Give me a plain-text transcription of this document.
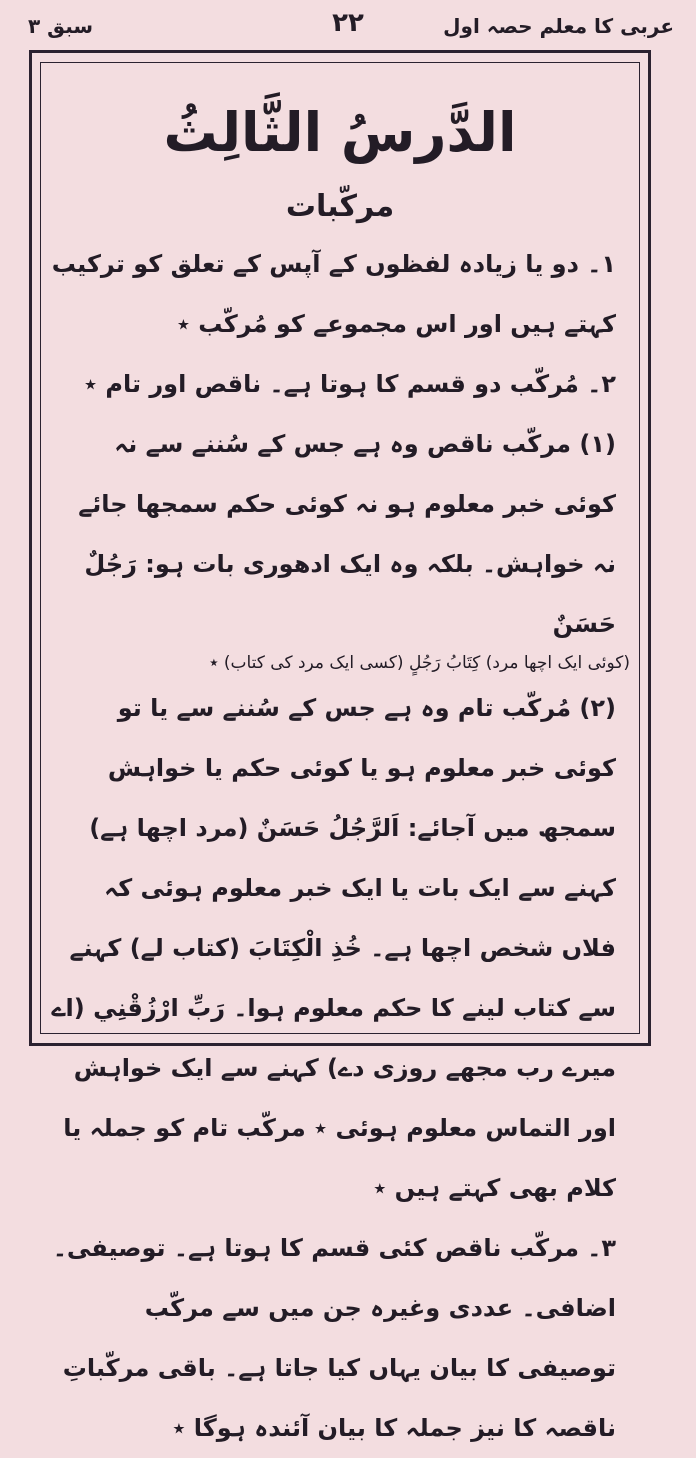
عربی کا معلم حصہ اول
۲۲
سبق ۳
الدَّرسُ الثَّالِثُ
مرکّبات

۱۔ دو یا زیادہ لفظوں کے آپس کے تعلق کو ترکیب کہتے ہیں اور اس مجموعے کو مُرکّب ٭

۲۔ مُرکّب دو قسم کا ہوتا ہے۔ ناقص اور تام ٭

(۱) مرکّب ناقص وہ ہے جس کے سُننے سے نہ کوئی خبر معلوم ہو نہ کوئی حکم سمجھا جائے نہ خواہش۔ بلکہ وہ ایک ادھوری بات ہو: رَجُلٌ حَسَنٌ

(کوئی ایک اچھا مرد) کِتَابُ رَجُلٍ (کسی ایک مرد کی کتاب) ٭

(۲) مُرکّب تام وہ ہے جس کے سُننے سے یا تو کوئی خبر معلوم ہو یا کوئی حکم یا خواہش سمجھ میں آجائے: اَلرَّجُلُ حَسَنٌ (مرد اچھا ہے) کہنے سے ایک بات یا ایک خبر معلوم ہوئی کہ فلاں شخص اچھا ہے۔ خُذِ الْكِتَابَ (کتاب لے) کہنے سے کتاب لینے کا حکم معلوم ہوا۔ رَبِّ ارْزُقْنِي (اے میرے رب مجھے روزی دے) کہنے سے ایک خواہش اور التماس معلوم ہوئی ٭ مرکّب تام کو جملہ یا کلام بھی کہتے ہیں ٭

۳۔ مرکّب ناقص کئی قسم کا ہوتا ہے۔ توصیفی۔ اضافی۔ عددی وغیرہ جن میں سے مرکّب توصیفی کا بیان یہاں کیا جاتا ہے۔ باقی مرکّباتِ ناقصہ کا نیز جملہ کا بیان آئندہ ہوگا ٭
